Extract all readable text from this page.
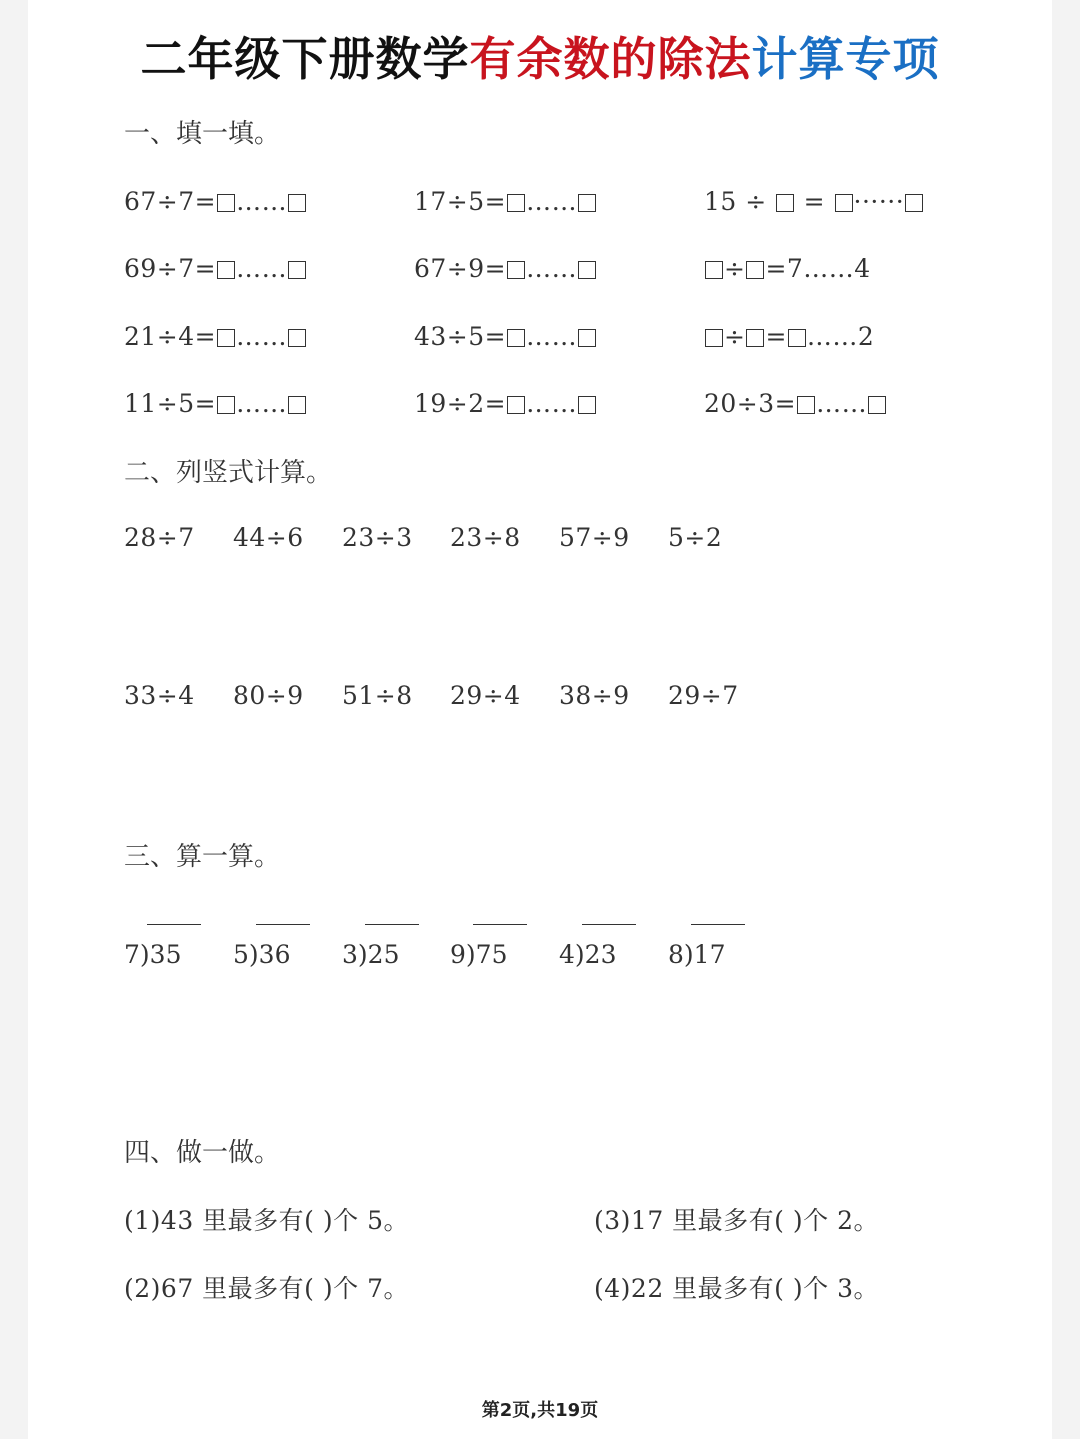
二年级下册数学有余数的除法计算专项
一、填一填。
67÷7= ……	17÷5= ……	15 ÷  = ······
69÷7= ……	67÷9= ……	÷ =7……4
21÷4= ……	43÷5= ……	÷ = ……2
11÷5= ……	19÷2= ……	20÷3= ……
二、列竖式计算。
28÷7 44÷6 23÷3 23÷8 57÷9 5÷2
33÷4 80÷9 51÷8 29÷4 38÷9 29÷7
三、算一算。
7)35 5)36 3)25 9)75 4)23 8)17
四、做一做。
(1)43 里最多有( )个 5。	(3)17 里最多有( )个 2。
(2)67 里最多有( )个 7。	(4)22 里最多有( )个 3。
第2页,共19页
